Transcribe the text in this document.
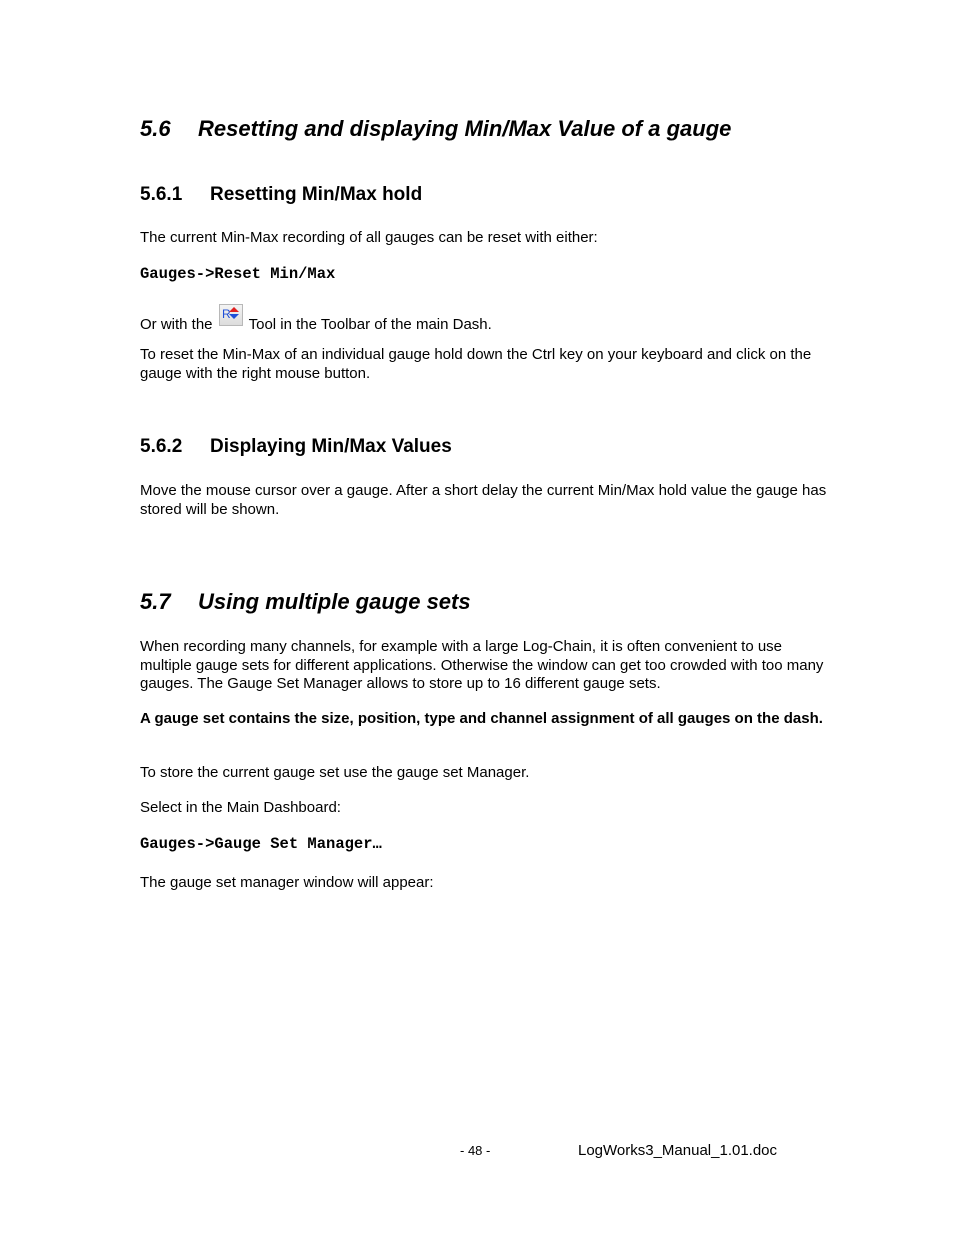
5.6 Resetting and displaying Min/Max Value of a gauge
5.6.1 Resetting Min/Max hold

The current Min-Max recording of all gauges can be reset with either:

Gauges->Reset Min/Max

Or with the
R
Tool in the Toolbar of the main Dash.

To reset the Min-Max of an individual gauge hold down the Ctrl key on your keyboard and click on the gauge with the right mouse button.

5.6.2 Displaying Min/Max Values

Move the mouse cursor over a gauge. After a short delay the current Min/Max hold value the gauge has stored will be shown.

5.7 Using multiple gauge sets

When recording many channels, for example with a large Log-Chain, it is often convenient to use multiple gauge sets for different applications. Otherwise the window can get too crowded with too many gauges. The Gauge Set Manager allows to store up to 16 different gauge sets.

A gauge set contains the size, position, type and channel assignment of all gauges on the dash.

To store the current gauge set use the gauge set Manager.

Select in the Main Dashboard:

Gauges->Gauge Set Manager…

The gauge set manager window will appear:

- 48 -	LogWorks3_Manual_1.01.doc
